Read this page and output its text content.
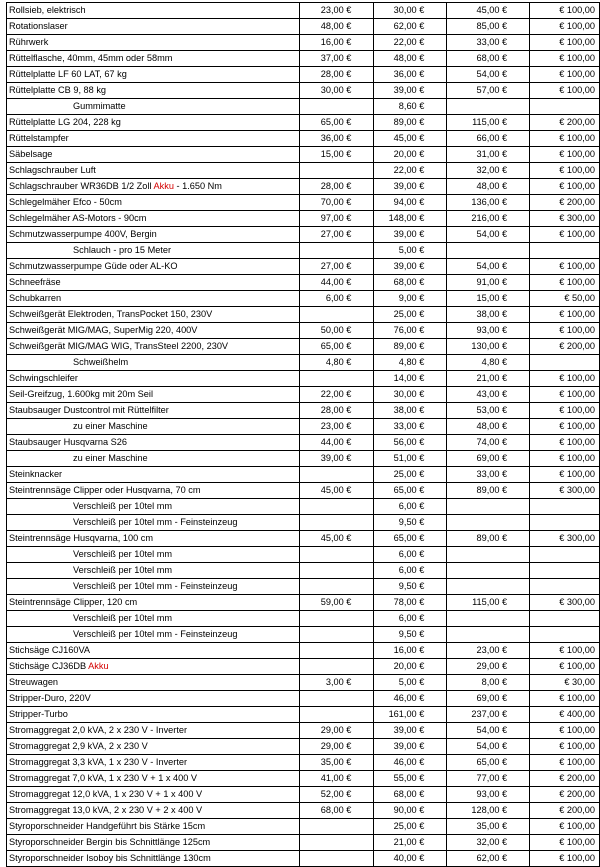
Rollsieb, elektrisch	23,00 €	30,00 €	45,00 €	€ 100,00
Rotationslaser	48,00 €	62,00 €	85,00 €	€ 100,00
Rührwerk	16,00 €	22,00 €	33,00 €	€ 100,00
Rüttelflasche, 40mm, 45mm oder 58mm	37,00 €	48,00 €	68,00 €	€ 100,00
Rüttelplatte LF 60 LAT, 67 kg	28,00 €	36,00 €	54,00 €	€ 100,00
Rüttelplatte CB 9, 88 kg	30,00 €	39,00 €	57,00 €	€ 100,00
Gummimatte		8,60 €		
Rüttelplatte LG 204, 228 kg	65,00 €	89,00 €	115,00 €	€ 200,00
Rüttelstampfer	36,00 €	45,00 €	66,00 €	€ 100,00
Säbelsage	15,00 €	20,00 €	31,00 €	€ 100,00
Schlagschrauber Luft		22,00 €	32,00 €	€ 100,00
Schlagschrauber WR36DB 1/2 Zoll Akku - 1.650 Nm	28,00 €	39,00 €	48,00 €	€ 100,00
Schlegelmäher Efco - 50cm	70,00 €	94,00 €	136,00 €	€ 200,00
Schlegelmäher AS-Motors - 90cm	97,00 €	148,00 €	216,00 €	€ 300,00
Schmutzwasserpumpe 400V, Bergin	27,00 €	39,00 €	54,00 €	€ 100,00
Schlauch - pro 15 Meter		5,00 €		
Schmutzwasserpumpe Güde oder AL-KO	27,00 €	39,00 €	54,00 €	€ 100,00
Schneefräse	44,00 €	68,00 €	91,00 €	€ 100,00
Schubkarren	6,00 €	9,00 €	15,00 €	€ 50,00
Schweißgerät Elektroden, TransPocket 150, 230V		25,00 €	38,00 €	€ 100,00
Schweißgerät MIG/MAG, SuperMig 220, 400V	50,00 €	76,00 €	93,00 €	€ 100,00
Schweißgerät MIG/MAG WIG, TransSteel 2200, 230V	65,00 €	89,00 €	130,00 €	€ 200,00
Schweißhelm	4,80 €	4,80 €	4,80 €	
Schwingschleifer		14,00 €	21,00 €	€ 100,00
Seil-Greifzug, 1.600kg mit 20m Seil	22,00 €	30,00 €	43,00 €	€ 100,00
Staubsauger Dustcontrol mit Rüttelfilter	28,00 €	38,00 €	53,00 €	€ 100,00
zu einer Maschine	23,00 €	33,00 €	48,00 €	€ 100,00
Staubsauger Husqvarna S26	44,00 €	56,00 €	74,00 €	€ 100,00
zu einer Maschine	39,00 €	51,00 €	69,00 €	€ 100,00
Steinknacker		25,00 €	33,00 €	€ 100,00
Steintrennsäge Clipper oder Husqvarna, 70 cm	45,00 €	65,00 €	89,00 €	€ 300,00
Verschleiß per 10tel mm		6,00 €		
Verschleiß per 10tel mm - Feinsteinzeug		9,50 €		
Steintrennsäge Husqvarna, 100 cm	45,00 €	65,00 €	89,00 €	€ 300,00
Verschleiß per 10tel mm		6,00 €		
Verschleiß per 10tel mm		6,00 €		
Verschleiß per 10tel mm - Feinsteinzeug		9,50 €		
Steintrennsäge Clipper, 120 cm	59,00 €	78,00 €	115,00 €	€ 300,00
Verschleiß per 10tel mm		6,00 €		
Verschleiß per 10tel mm - Feinsteinzeug		9,50 €		
Stichsäge CJ160VA		16,00 €	23,00 €	€ 100,00
Stichsäge CJ36DB Akku		20,00 €	29,00 €	€ 100,00
Streuwagen	3,00 €	5,00 €	8,00 €	€ 30,00
Stripper-Duro, 220V		46,00 €	69,00 €	€ 100,00
Stripper-Turbo		161,00 €	237,00 €	€ 400,00
Stromaggregat 2,0 kVA, 2 x 230 V - Inverter	29,00 €	39,00 €	54,00 €	€ 100,00
Stromaggregat 2,9 kVA, 2 x 230 V	29,00 €	39,00 €	54,00 €	€ 100,00
Stromaggregat 3,3 kVA, 1 x 230 V - Inverter	35,00 €	46,00 €	65,00 €	€ 100,00
Stromaggregat 7,0 kVA, 1 x 230 V + 1 x 400 V	41,00 €	55,00 €	77,00 €	€ 200,00
Stromaggregat 12,0 kVA, 1 x 230 V + 1 x 400 V	52,00 €	68,00 €	93,00 €	€ 200,00
Stromaggregat 13,0 kVA, 2 x 230 V + 2 x 400 V	68,00 €	90,00 €	128,00 €	€ 200,00
Styroporschneider Handgeführt bis Stärke 15cm		25,00 €	35,00 €	€ 100,00
Styroporschneider Bergin bis Schnittlänge 125cm		21,00 €	32,00 €	€ 100,00
Styroporschneider Isoboy bis Schnittlänge 130cm		40,00 €	62,00 €	€ 100,00
